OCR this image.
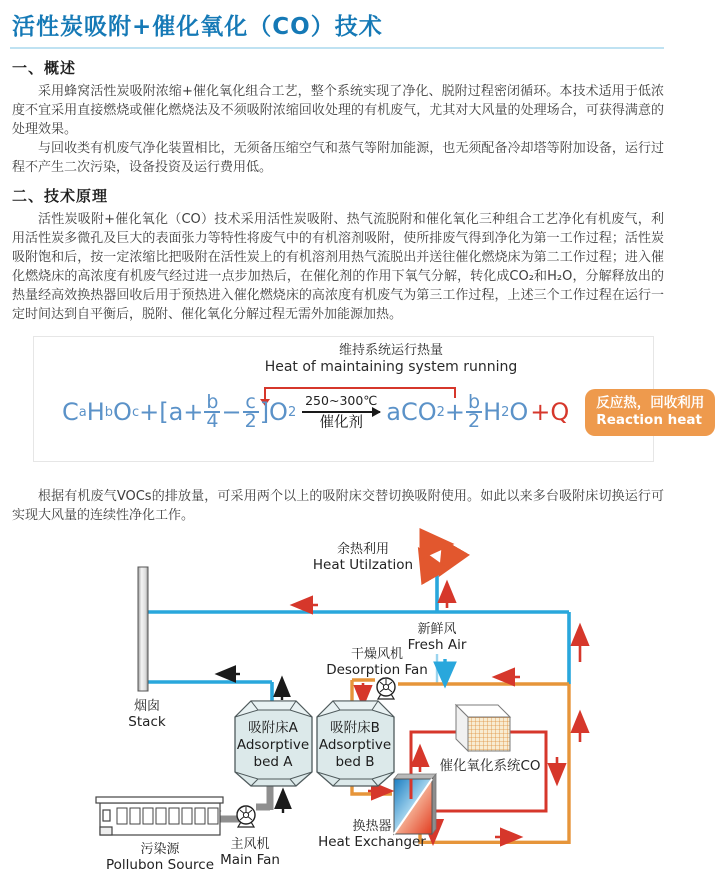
活性炭吸附+催化氧化（CO）技术
一、概述

采用蜂窝活性炭吸附浓缩+催化氧化组合工艺，整个系统实现了净化、脱附过程密闭循环。本技术适用于低浓度不宜采用直接燃烧或催化燃烧法及不须吸附浓缩回收处理的有机废气，尤其对大风量的处理场合，可获得满意的处理效果。

与回收类有机废气净化装置相比，无须备压缩空气和蒸气等附加能源，也无须配备冷却塔等附加设备，运行过程不产生二次污染，设备投资及运行费用低。

二、技术原理

活性炭吸附+催化氧化（CO）技术采用活性炭吸附、热气流脱附和催化氧化三种组合工艺净化有机废气，利用活性炭多微孔及巨大的表面张力等特性将废气中的有机溶剂吸附，使所排废气得到净化为第一工作过程；活性炭吸附饱和后，按一定浓缩比把吸附在活性炭上的有机溶剂用热气流脱出并送往催化燃烧床为第二工作过程；进入催化燃烧床的高浓度有机废气经过进一点步加热后，在催化剂的作用下氧气分解，转化成CO₂和H₂O，分解释放出的热量经高效换热器回收后用于预热进入催化燃烧床的高浓度有机废气为第三工作过程，上述三个工作过程在运行一定时间达到自平衡后，脱附、催化氧化分解过程无需外加能源加热。

维持系统运行热量
Heat of maintaining system running
C a H b O $c +[a+ \frac{b}{4} - \frac{c}{2} ]O$ 2
250~300℃
催化剂 aCO $2 + \frac{b}{2}$ H 2 O +Q 反应热，回收利用
Reaction heat

根据有机废气VOCs的排放量，可采用两个以上的吸附床交替切换吸附使用。如此以来多台吸附床切换运行可实现大风量的连续性净化工作。

余热利用
Heat Utilzation
新鲜风
Fresh Air
干燥风机
Desorption Fan
烟囱
Stack	吸附床A
Adsorptive
bed A
吸附床B
Adsorptive
bed B	催化氧化系统CO
换热器
Heat Exchanger
污染源
Pollubon Source
主风机
Main Fan
